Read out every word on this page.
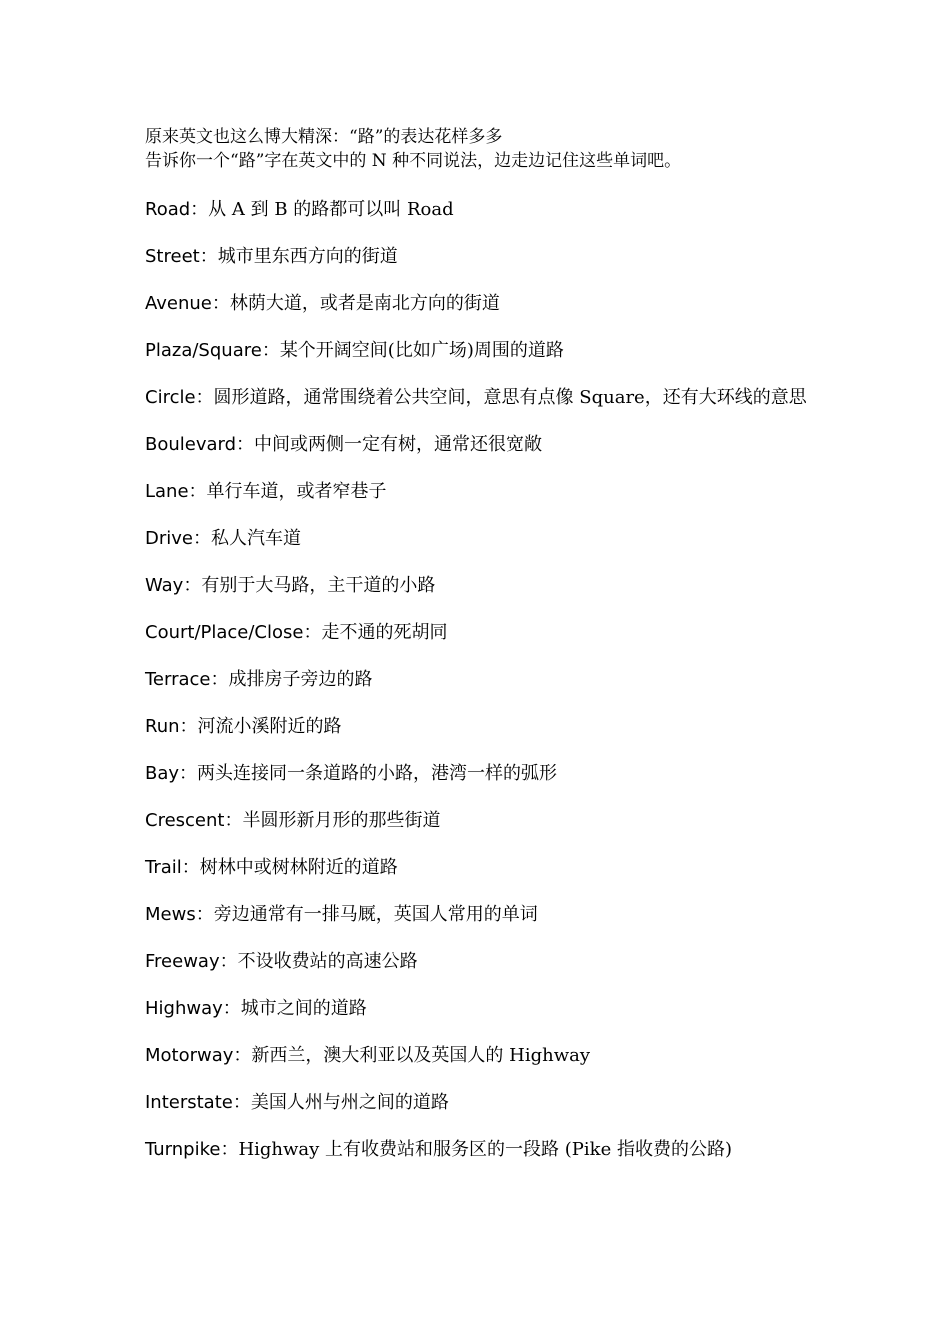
原来英文也这么博大精深：“路”的表达花样多多

告诉你一个“路”字在英文中的 N 种不同说法，边走边记住这些单词吧。

Road：从 A 到 B 的路都可以叫 Road

Street：城市里东西方向的街道

Avenue：林荫大道，或者是南北方向的街道

Plaza/Square：某个开阔空间(比如广场)周围的道路

Circle：圆形道路，通常围绕着公共空间，意思有点像 Square，还有大环线的意思

Boulevard：中间或两侧一定有树，通常还很宽敞

Lane：单行车道，或者窄巷子

Drive：私人汽车道

Way：有别于大马路，主干道的小路

Court/Place/Close：走不通的死胡同

Terrace：成排房子旁边的路

Run：河流小溪附近的路

Bay：两头连接同一条道路的小路，港湾一样的弧形

Crescent：半圆形新月形的那些街道

Trail：树林中或树林附近的道路

Mews：旁边通常有一排马厩，英国人常用的单词

Freeway：不设收费站的高速公路

Highway：城市之间的道路

Motorway：新西兰，澳大利亚以及英国人的 Highway

Interstate：美国人州与州之间的道路

Turnpike：Highway 上有收费站和服务区的一段路 (Pike 指收费的公路)
